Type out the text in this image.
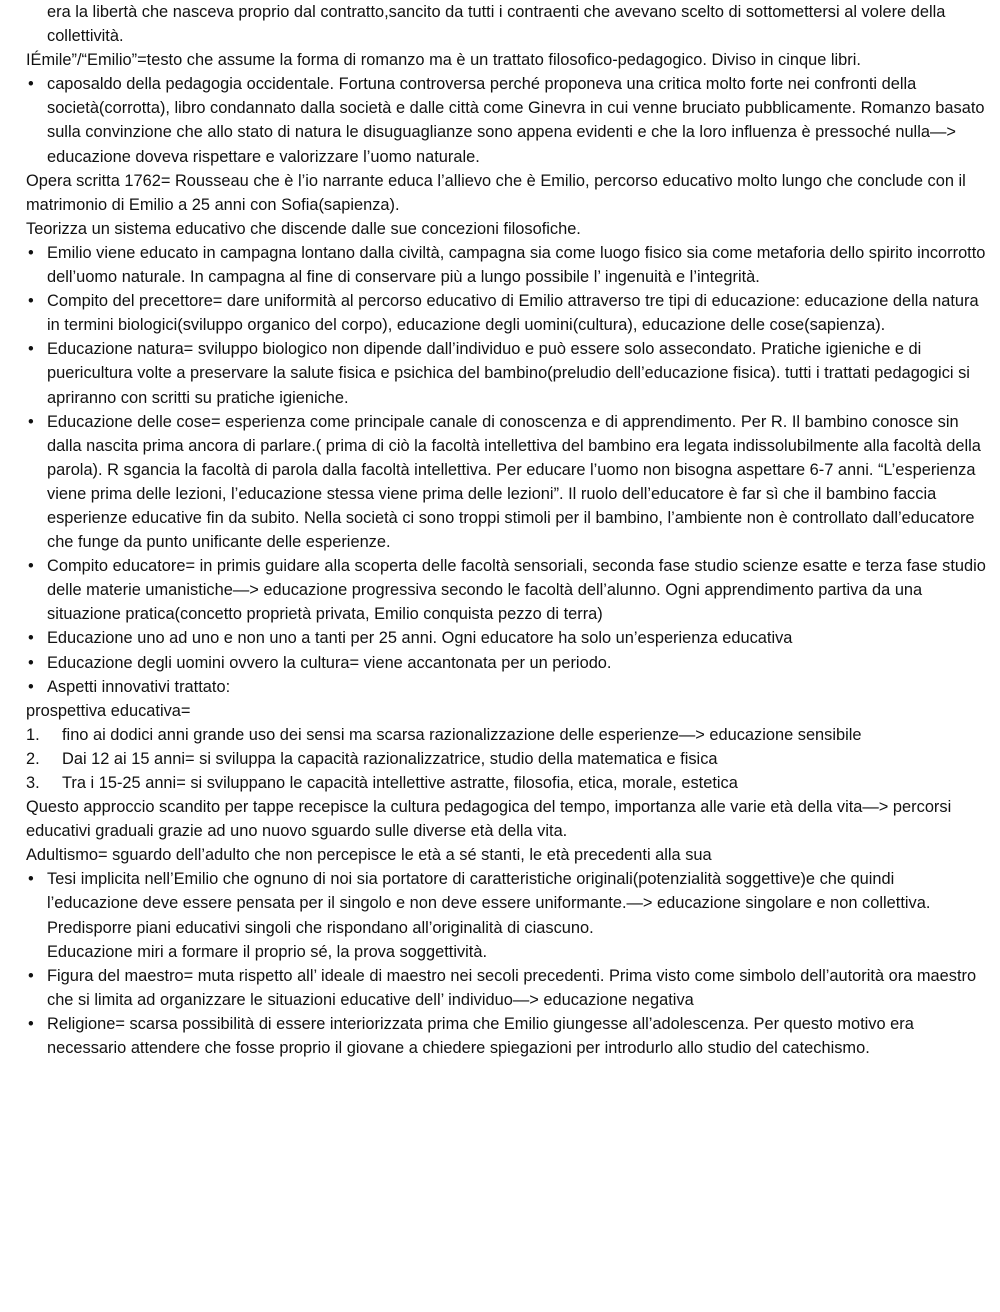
era la libertà che nasceva proprio dal contratto,sancito da tutti i contraenti che avevano scelto di sottomettersi al volere della collettività.

IÉmile”/“Emilio”=testo che assume la forma di romanzo ma è un trattato filosofico-pedagogico. Diviso in cinque libri.

• caposaldo della pedagogia occidentale. Fortuna controversa perché proponeva una critica molto forte nei confronti della società(corrotta), libro condannato dalla società e dalle città come Ginevra in cui venne bruciato pubblicamente. Romanzo basato sulla convinzione che allo stato di natura le disuguaglianze sono appena evidenti e che la loro influenza è pressoché nulla—> educazione doveva rispettare e valorizzare l’uomo naturale.

Opera scritta 1762= Rousseau che è l’io narrante educa l’allievo che è Emilio, percorso educativo molto lungo che conclude con il matrimonio di Emilio a 25 anni con Sofia(sapienza).

Teorizza un sistema educativo che discende dalle sue concezioni filosofiche.

• Emilio viene educato in campagna lontano dalla civiltà, campagna sia come luogo fisico sia come metaforia dello spirito incorrotto dell’uomo naturale. In campagna al fine di conservare più a lungo possibile l’ ingenuità e l’integrità.
• Compito del precettore= dare uniformità al percorso educativo di Emilio attraverso tre tipi di educazione: educazione della natura in termini biologici(sviluppo organico del corpo), educazione degli uomini(cultura), educazione delle cose(sapienza).
• Educazione natura= sviluppo biologico non dipende dall’individuo e può essere solo assecondato. Pratiche igieniche e di puericultura volte a preservare la salute fisica e psichica del bambino(preludio dell’educazione fisica). tutti i trattati pedagogici si apriranno con scritti su pratiche igieniche.
• Educazione delle cose= esperienza come principale canale di conoscenza e di apprendimento. Per R. Il bambino conosce sin dalla nascita prima ancora di parlare.( prima di ciò la facoltà intellettiva del bambino era legata indissolubilmente alla facoltà della parola). R sgancia la facoltà di parola dalla facoltà intellettiva. Per educare l’uomo non bisogna aspettare 6-7 anni. “L’esperienza viene prima delle lezioni, l’educazione stessa viene prima delle lezioni”. Il ruolo dell’educatore è far sì che il bambino faccia esperienze educative fin da subito. Nella società ci sono troppi stimoli per il bambino, l’ambiente non è controllato dall’educatore che funge da punto unificante delle esperienze.
• Compito educatore= in primis guidare alla scoperta delle facoltà sensoriali, seconda fase studio scienze esatte e terza fase studio delle materie umanistiche—> educazione progressiva secondo le facoltà dell’alunno. Ogni apprendimento partiva da una situazione pratica(concetto proprietà privata, Emilio conquista pezzo di terra)
• Educazione uno ad uno e non uno a tanti per 25 anni. Ogni educatore ha solo un’esperienza educativa
• Educazione degli uomini ovvero la cultura= viene accantonata per un periodo.
• Aspetti innovativi trattato:

prospettiva educativa=

1. fino ai dodici anni grande uso dei sensi ma scarsa razionalizzazione delle esperienze—> educazione sensibile
2. Dai 12 ai 15 anni= si sviluppa la capacità razionalizzatrice, studio della matematica e fisica
3. Tra i 15-25 anni= si sviluppano le capacità intellettive astratte, filosofia, etica, morale, estetica

Questo approccio scandito per tappe recepisce la cultura pedagogica del tempo, importanza alle varie età della vita—> percorsi educativi graduali grazie ad uno nuovo sguardo sulle diverse età della vita.

Adultismo= sguardo dell’adulto che non percepisce le età a sé stanti, le età precedenti alla sua

• Tesi implicita nell’Emilio che ognuno di noi sia portatore di caratteristiche originali(potenzialità soggettive)e che quindi l’educazione deve essere pensata per il singolo e non deve essere uniformante.—> educazione singolare e non collettiva. Predisporre piani educativi singoli che rispondano all’originalità di ciascuno.
Educazione miri a formare il proprio sé, la prova soggettività.
• Figura del maestro= muta rispetto all’ ideale di maestro nei secoli precedenti. Prima visto come simbolo dell’autorità ora maestro che si limita ad organizzare le situazioni educative dell’ individuo—> educazione negativa
• Religione= scarsa possibilità di essere interiorizzata prima che Emilio giungesse all’adolescenza. Per questo motivo era necessario attendere che fosse proprio il giovane a chiedere spiegazioni per introdurlo allo studio del catechismo.
